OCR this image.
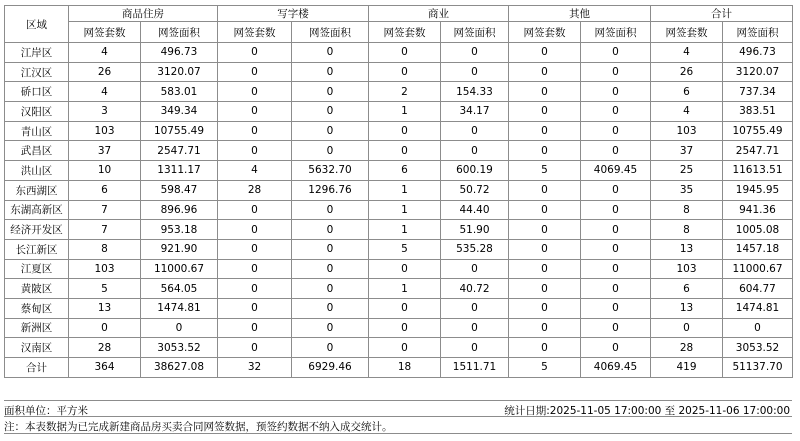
区域	商品住房		写字楼		商业		其他		合计	
	网签套数	网签面积	网签套数	网签面积	网签套数	网签面积	网签套数	网签面积	网签套数	网签面积
江岸区	4	496.73	0	0	0	0	0	0	4	496.73
江汉区	26	3120.07	0	0	0	0	0	0	26	3120.07
硚口区	4	583.01	0	0	2	154.33	0	0	6	737.34
汉阳区	3	349.34	0	0	1	34.17	0	0	4	383.51
青山区	103	10755.49	0	0	0	0	0	0	103	10755.49
武昌区	37	2547.71	0	0	0	0	0	0	37	2547.71
洪山区	10	1311.17	4	5632.70	6	600.19	5	4069.45	25	11613.51
东西湖区	6	598.47	28	1296.76	1	50.72	0	0	35	1945.95
东湖高新区	7	896.96	0	0	1	44.40	0	0	8	941.36
经济开发区	7	953.18	0	0	1	51.90	0	0	8	1005.08
长江新区	8	921.90	0	0	5	535.28	0	0	13	1457.18
江夏区	103	11000.67	0	0	0	0	0	0	103	11000.67
黄陂区	5	564.05	0	0	1	40.72	0	0	6	604.77
蔡甸区	13	1474.81	0	0	0	0	0	0	13	1474.81
新洲区	0	0	0	0	0	0	0	0	0	0
汉南区	28	3053.52	0	0	0	0	0	0	28	3053.52
合计	364	38627.08	32	6929.46	18	1511.71	5	4069.45	419	51137.70
面积单位：平方米	统计日期:2025-11-05 17:00:00 至 2025-11-06 17:00:00
注：本表数据为已完成新建商品房买卖合同网签数据，预签约数据不纳入成交统计。
